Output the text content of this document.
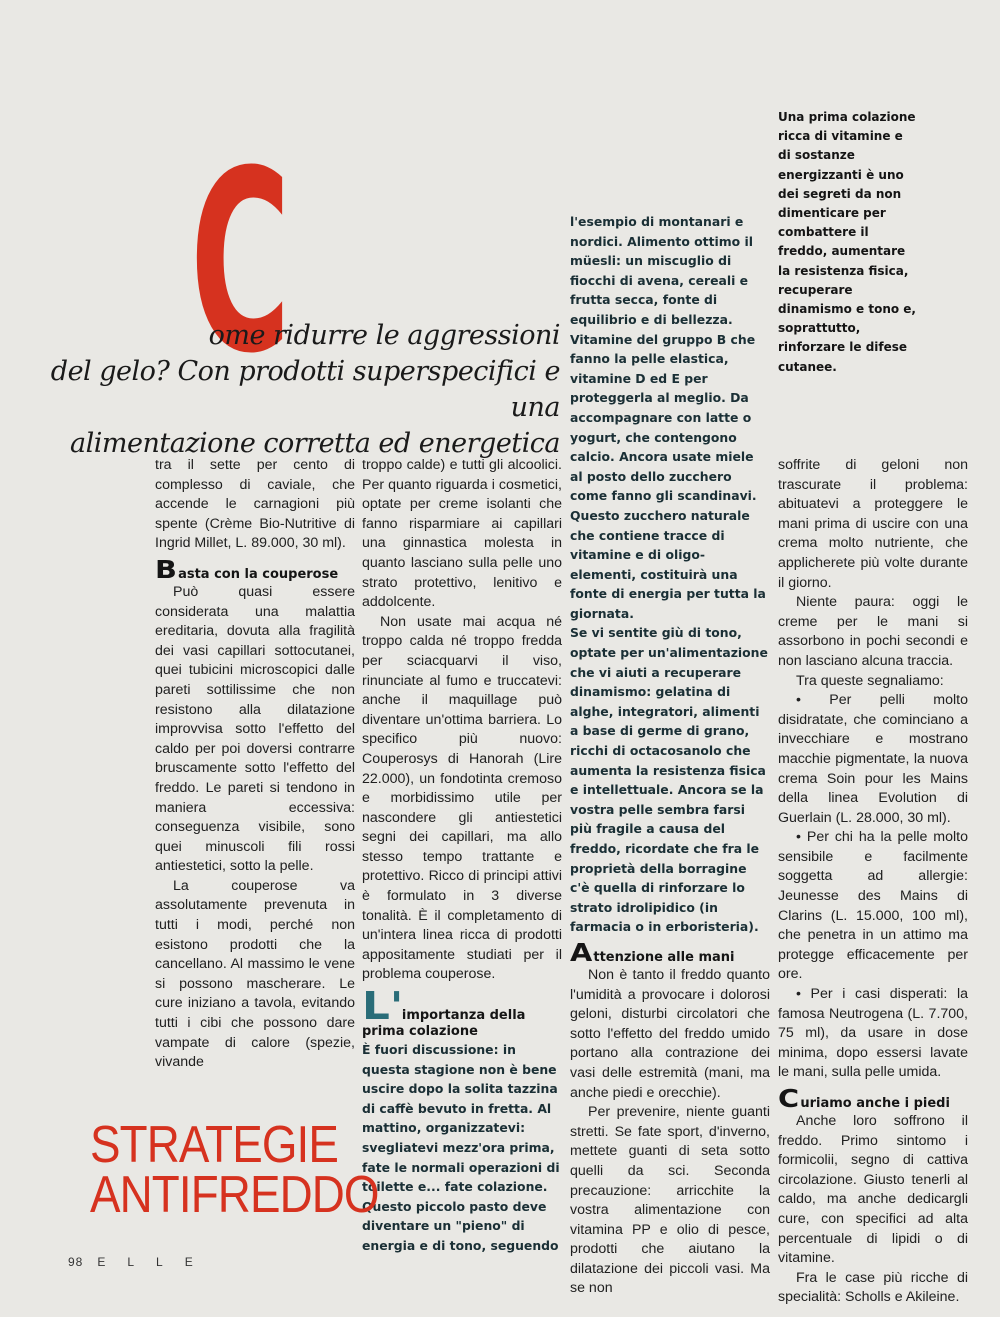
Una prima colazione ricca di vitamine e di sostanze energizzanti è uno dei segreti da non dimenticare per combattere il freddo, aumentare la resistenza fisica, recuperare dinamismo e tono e, soprattutto, rinforzare le difese cutanee.
C
ome ridurre le aggressioni
del gelo? Con prodotti superspecifici e una
alimentazione corretta ed energetica

tra il sette per cento di complesso di caviale, che accende le carnagioni più spente (Crème Bio-Nutritive di Ingrid Millet, L. 89.000, 30 ml).

Basta con la couperose

Può quasi essere considerata una malattia ereditaria, dovuta alla fragilità dei vasi capillari sottocutanei, quei tubicini microscopici dalle pareti sottilissime che non resistono alla dilatazione improvvisa sotto l'effetto del caldo per poi doversi contrarre bruscamente sotto l'effetto del freddo. Le pareti si tendono in maniera eccessiva: conseguenza visibile, sono quei minuscoli fili rossi antiestetici, sotto la pelle.

La couperose va assolutamente prevenuta in tutti i modi, perché non esistono prodotti che la cancellano. Al massimo le vene si possono mascherare. Le cure iniziano a tavola, evitando tutti i cibi che possono dare vampate di calore (spezie, vivande

troppo calde) e tutti gli alcoolici. Per quanto riguarda i cosmetici, optate per creme isolanti che fanno risparmiare ai capillari una ginnastica molesta in quanto lasciano sulla pelle uno strato protettivo, lenitivo e addolcente.

Non usate mai acqua né troppo calda né troppo fredda per sciacquarvi il viso, rinunciate al fumo e truccatevi: anche il maquillage può diventare un'ottima barriera. Lo specifico più nuovo: Couperosys di Hanorah (Lire 22.000), un fondotinta cremoso e morbidissimo utile per nascondere gli antiestetici segni dei capillari, ma allo stesso tempo trattante e protettivo. Ricco di principi attivi è formulato in 3 diverse tonalità. È il completamento di un'intera linea ricca di prodotti appositamente studiati per il problema couperose.

L'importanza della prima colazione

È fuori discussione: in questa stagione non è bene uscire dopo la solita tazzina di caffè bevuto in fretta. Al mattino, organizzatevi: svegliatevi mezz'ora prima, fate le normali operazioni di toilette e... fate colazione. Questo piccolo pasto deve diventare un "pieno" di energia e di tono, seguendo

l'esempio di montanari e nordici. Alimento ottimo il müesli: un miscuglio di fiocchi di avena, cereali e frutta secca, fonte di equilibrio e di bellezza. Vitamine del gruppo B che fanno la pelle elastica, vitamine D ed E per proteggerla al meglio. Da accompagnare con latte o yogurt, che contengono calcio. Ancora usate miele al posto dello zucchero come fanno gli scandinavi. Questo zucchero naturale che contiene tracce di vitamine e di oligo-elementi, costituirà una fonte di energia per tutta la giornata.

Se vi sentite giù di tono, optate per un'alimentazione che vi aiuti a recuperare dinamismo: gelatina di alghe, integratori, alimenti a base di germe di grano, ricchi di octacosanolo che aumenta la resistenza fisica e intellettuale. Ancora se la vostra pelle sembra farsi più fragile a causa del freddo, ricordate che fra le proprietà della borragine c'è quella di rinforzare lo strato idrolipidico (in farmacia o in erboristeria).

Attenzione alle mani

Non è tanto il freddo quanto l'umidità a provocare i dolorosi geloni, disturbi circolatori che sotto l'effetto del freddo umido portano alla contrazione dei vasi delle estremità (mani, ma anche piedi e orecchie).

Per prevenire, niente guanti stretti. Se fate sport, d'inverno, mettete guanti di seta sotto quelli da sci. Seconda precauzione: arricchite la vostra alimentazione con vitamina PP e olio di pesce, prodotti che aiutano la dilatazione dei piccoli vasi. Ma se non

soffrite di geloni non trascurate il problema: abituatevi a proteggere le mani prima di uscire con una crema molto nutriente, che applicherete più volte durante il giorno.

Niente paura: oggi le creme per le mani si assorbono in pochi secondi e non lasciano alcuna traccia.

Tra queste segnaliamo:

• Per pelli molto disidratate, che cominciano a invecchiare e mostrano macchie pigmentate, la nuova crema Soin pour les Mains della linea Evolution di Guerlain (L. 28.000, 30 ml).

• Per chi ha la pelle molto sensibile e facilmente soggetta ad allergie: Jeunesse des Mains di Clarins (L. 15.000, 100 ml), che penetra in un attimo ma protegge efficacemente per ore.

• Per i casi disperati: la famosa Neutrogena (L. 7.700, 75 ml), da usare in dose minima, dopo essersi lavate le mani, sulla pelle umida.

Curiamo anche i piedi

Anche loro soffrono il freddo. Primo sintomo i formicolii, segno di cattiva circolazione. Giusto tenerli al caldo, ma anche dedicargli cure, con specifici ad alta percentuale di lipidi o di vitamine.

Fra le case più ricche di specialità: Scholls e Akileine.

STRATEGIE
ANTIFREDDO
98 ELLE
